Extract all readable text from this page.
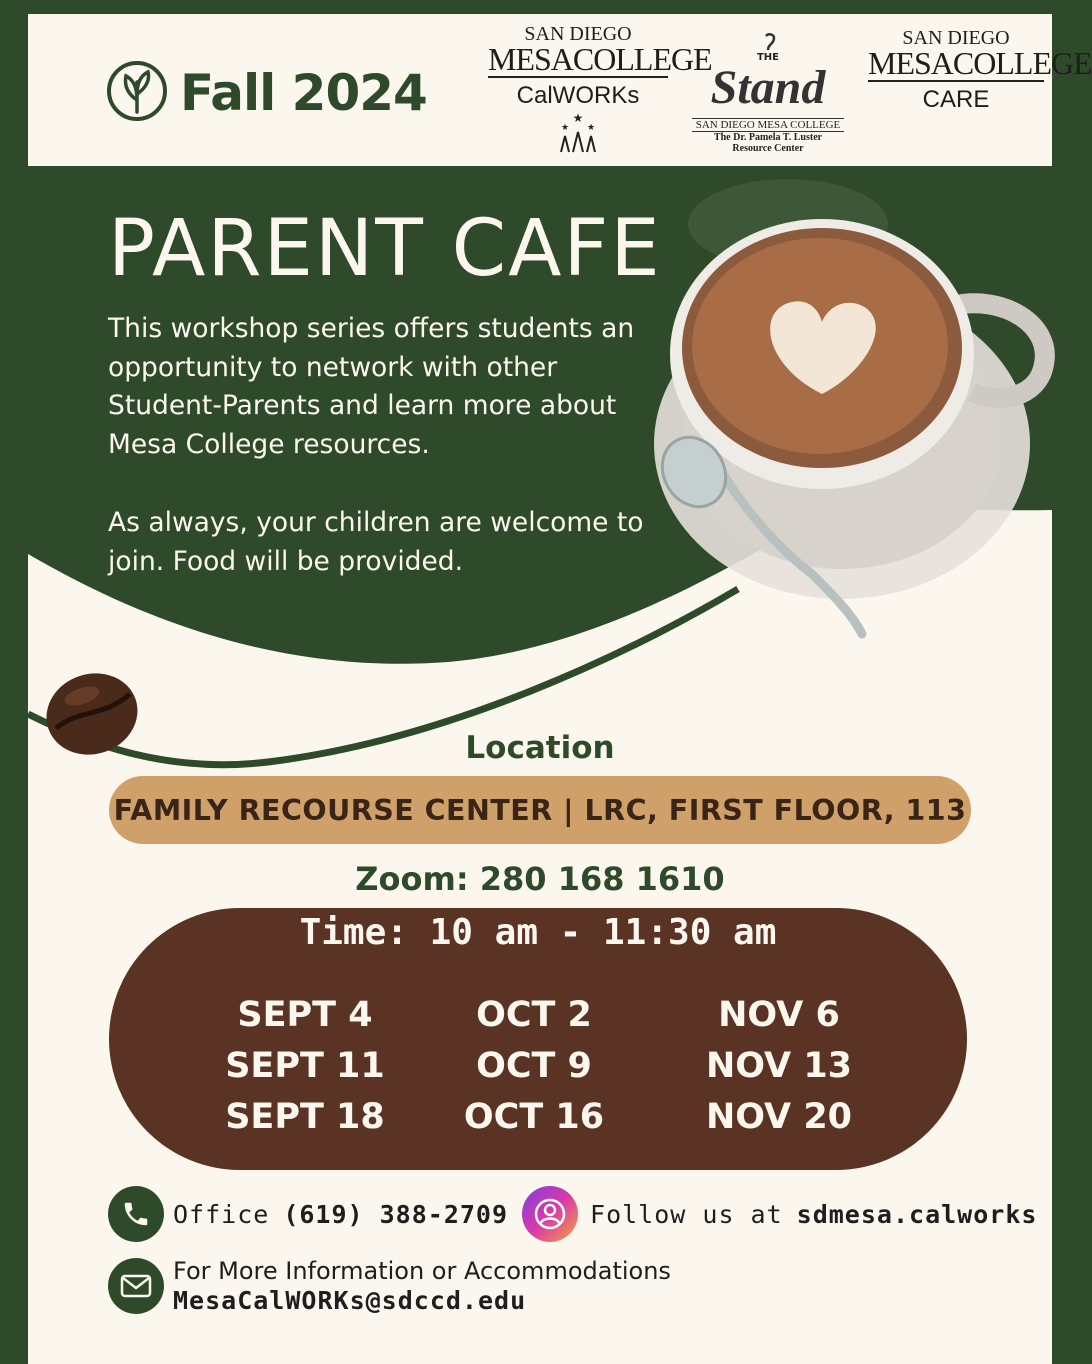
Fall 2024
SAN DIEGO
MESACOLLEGE
CalWORKs
★
★ ★
THE
Stand
SAN DIEGO MESA COLLEGE
The Dr. Pamela T. Luster
Resource Center
SAN DIEGO
MESACOLLEGE
CARE
PARENT CAFE

This workshop series offers students an opportunity to network with other Student-Parents and learn more about Mesa College resources.

As always, your children are welcome to join. Food will be provided.

Location
FAMILY RECOURSE CENTER | LRC, FIRST FLOOR, 113
Zoom: 280 168 1610
Time: 10 am - 11:30 am
SEPT 4
SEPT 11
SEPT 18
OCT 2
OCT 9
OCT 16
NOV 6
NOV 13
NOV 20
Office (619) 388-2709	Follow us at sdmesa.calworks
For More Information or Accommodations
MesaCalWORKs@sdccd.edu
